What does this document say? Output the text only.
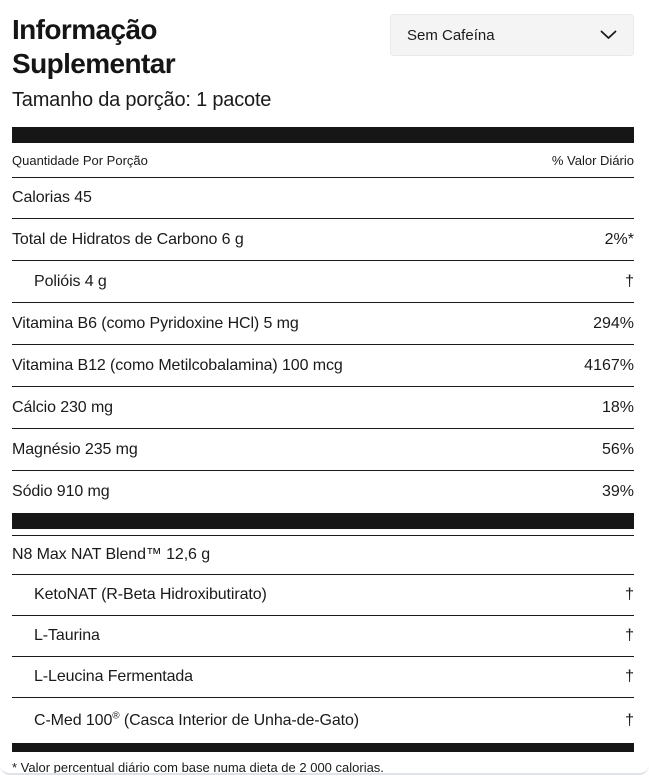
Informação
Suplementar
Tamanho da porção: 1 pacote
Sem Cafeína
Quantidade Por Porção	% Valor Diário
Calorias 45
Total de Hidratos de Carbono 6 g	2%*
Polióis 4 g	†
Vitamina B6 (como Pyridoxine HCl) 5 mg	294%
Vitamina B12 (como Metilcobalamina) 100 mcg	4167%
Cálcio 230 mg	18%
Magnésio 235 mg	56%
Sódio 910 mg	39%
N8 Max NAT Blend™ 12,6 g
KetoNAT (R-Beta Hidroxibutirato)	†
L-Taurina	†
L-Leucina Fermentada	†
C-Med 100® (Casca Interior de Unha-de-Gato)	†
* Valor percentual diário com base numa dieta de 2 000 calorias.
